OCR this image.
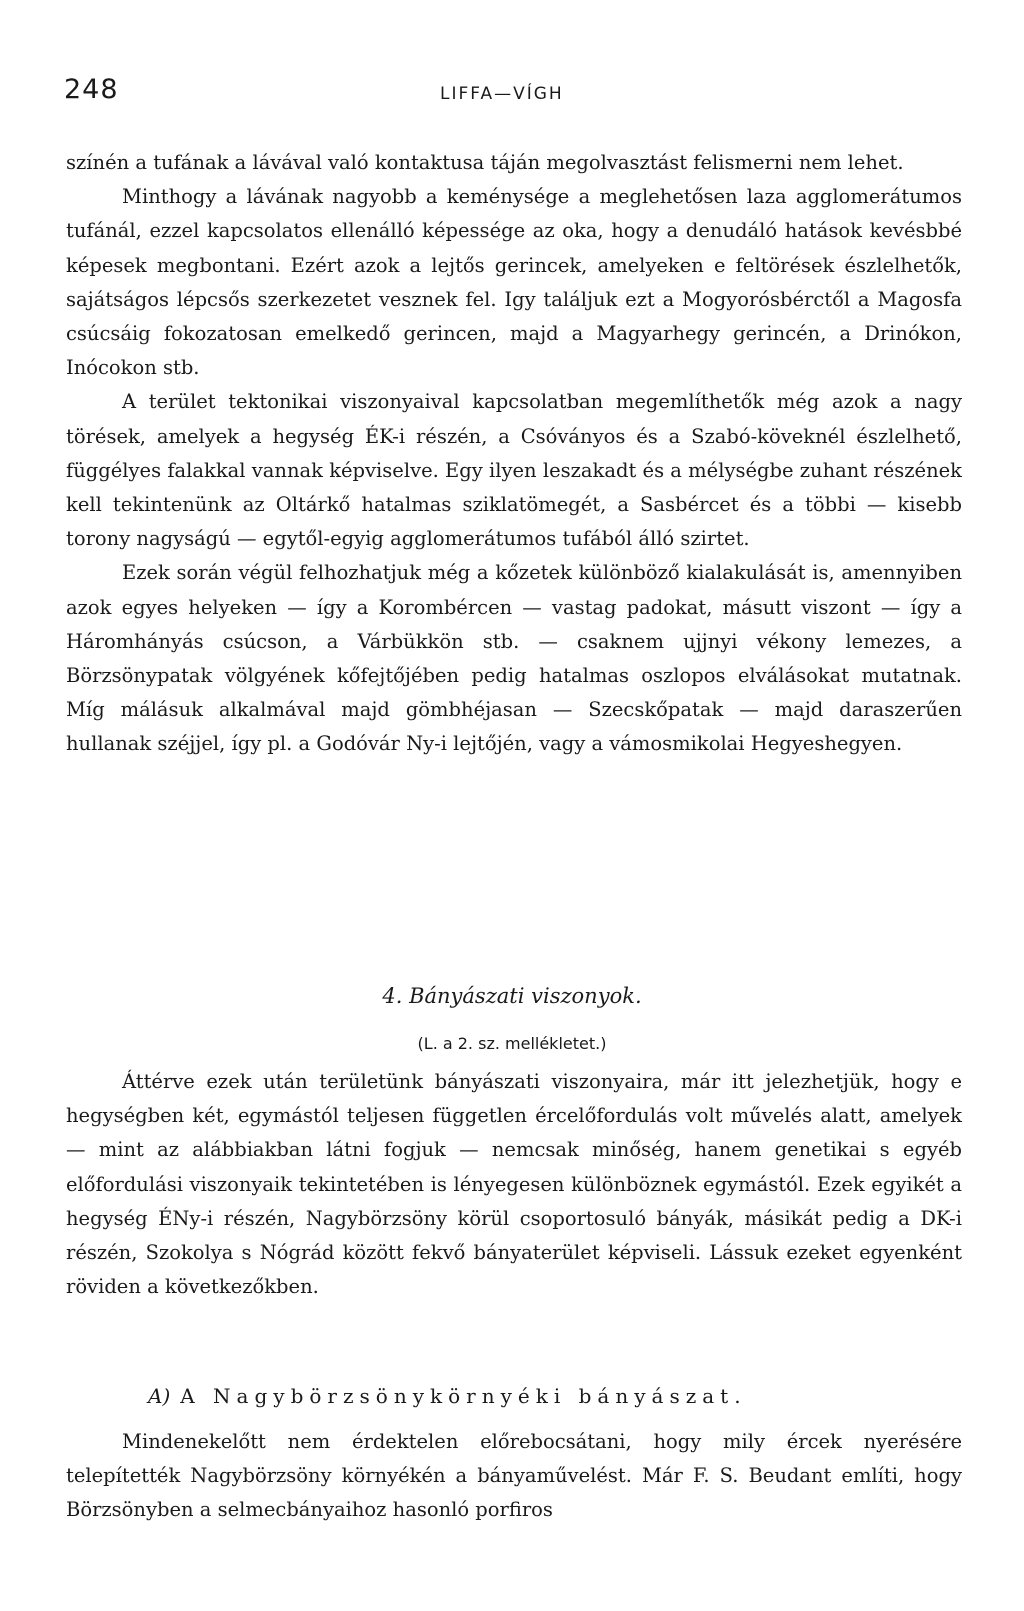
248	LIFFA—VÍGH

színén a tufának a lávával való kontaktusa táján megolvasztást felismerni nem lehet.

Minthogy a lávának nagyobb a keménysége a meglehetősen laza agglomerátumos tufánál, ezzel kapcsolatos ellenálló képessége az oka, hogy a denudáló hatások kevésbbé képesek megbontani. Ezért azok a lejtős gerincek, amelyeken e feltörések észlelhetők, sajátságos lépcsős szerkezetet vesznek fel. Igy találjuk ezt a Mogyorósbérctől a Magosfa csúcsáig fokozatosan emelkedő gerincen, majd a Magyarhegy gerincén, a Drinókon, Inócokon stb.

A terület tektonikai viszonyaival kapcsolatban megemlíthetők még azok a nagy törések, amelyek a hegység ÉK-i részén, a Csóványos és a Szabó-köveknél észlelhető, függélyes falakkal vannak képviselve. Egy ilyen leszakadt és a mélységbe zuhant részének kell tekintenünk az Oltárkő hatalmas sziklatömegét, a Sasbércet és a többi — kisebb torony nagyságú — egytől-egyig agglomerátumos tufából álló szirtet.

Ezek során végül felhozhatjuk még a kőzetek különböző kialakulását is, amennyiben azok egyes helyeken — így a Korombércen — vastag padokat, másutt viszont — így a Háromhányás csúcson, a Várbükkön stb. — csaknem ujjnyi vékony lemezes, a Börzsönypatak völgyének kőfejtőjében pedig hatalmas oszlopos elválásokat mutatnak. Míg málásuk alkalmával majd gömbhéjasan — Szecskőpatak — majd daraszerűen hullanak széjjel, így pl. a Godóvár Ny-i lejtőjén, vagy a vámosmikolai Hegyeshegyen.

4. Bányászati viszonyok.
(L. a 2. sz. mellékletet.)

Áttérve ezek után területünk bányászati viszonyaira, már itt jelezhetjük, hogy e hegységben két, egymástól teljesen független ércelőfordulás volt művelés alatt, amelyek — mint az alábbiakban látni fogjuk — nemcsak minőség, hanem genetikai s egyéb előfordulási viszonyaik tekintetében is lényegesen különböznek egymástól. Ezek egyikét a hegység ÉNy-i részén, Nagybörzsöny körül csoportosuló bányák, másikát pedig a DK-i részén, Szokolya s Nógrád között fekvő bányaterület képviseli. Lássuk ezeket egyenként röviden a következőkben.

A) A Nagybörzsönykörnyéki bányászat.

Mindenekelőtt nem érdektelen előrebocsátani, hogy mily ércek nyerésére telepítették Nagybörzsöny környékén a bányaművelést. Már F. S. Beudant említi, hogy Börzsönyben a selmecbányaihoz hasonló porfiros
